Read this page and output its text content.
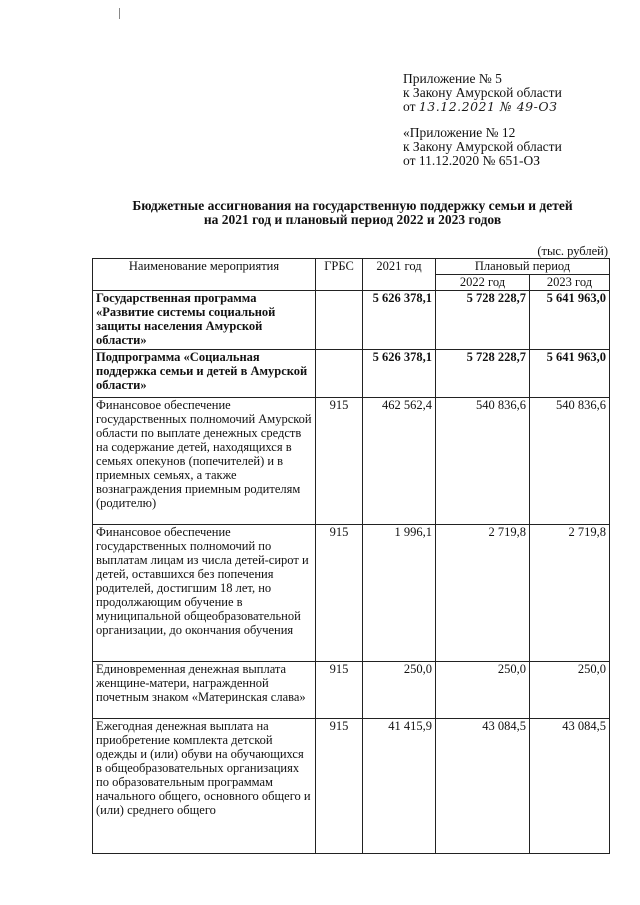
Приложение № 5
к Закону Амурской области
от 13.12.2021 № 49-ОЗ
«Приложение № 12
к Закону Амурской области
от 11.12.2020 № 651-ОЗ
Бюджетные ассигнования на государственную поддержку семьи и детей
на 2021 год и плановый период 2022 и 2023 годов
(тыс. рублей)
Наименование мероприятия	ГРБС	2021 год	Плановый период	
			2022 год	2023 год
Государственная программа «Развитие системы социальной защиты населения Амурской области»		5 626 378,1	5 728 228,7	5 641 963,0
Подпрограмма «Социальная поддержка семьи и детей в Амурской области»		5 626 378,1	5 728 228,7	5 641 963,0
Финансовое обеспечение государственных полномочий Амурской области по выплате денежных средств на содержание детей, находящихся в семьях опекунов (попечителей) и в приемных семьях, а также вознаграждения приемным родителям (родителю)	915	462 562,4	540 836,6	540 836,6
Финансовое обеспечение государственных полномочий по выплатам лицам из числа детей-сирот и детей, оставшихся без попечения родителей, достигшим 18 лет, но продолжающим обучение в муниципальной общеобразовательной организации, до окончания обучения	915	1 996,1	2 719,8	2 719,8
Единовременная денежная выплата женщине-матери, награжденной почетным знаком «Материнская слава»	915	250,0	250,0	250,0
Ежегодная денежная выплата на приобретение комплекта детской одежды и (или) обуви на обучающихся в общеобразовательных организациях по образовательным программам начального общего, основного общего и (или) среднего общего	915	41 415,9	43 084,5	43 084,5
